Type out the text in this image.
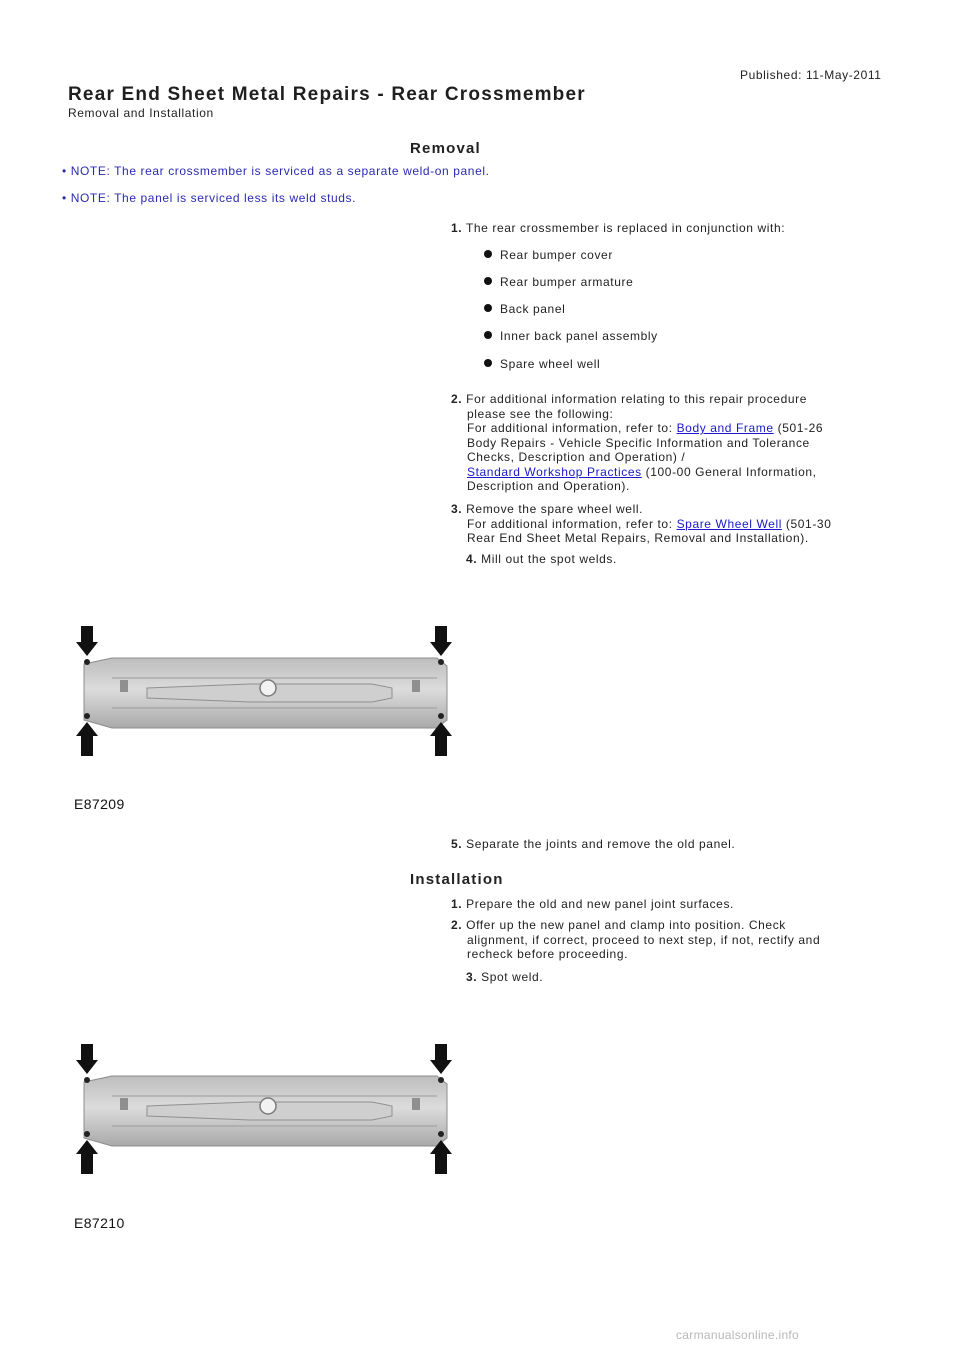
Published: 11-May-2011
Rear End Sheet Metal Repairs - Rear Crossmember
Removal and Installation
Removal
• NOTE: The rear crossmember is serviced as a separate weld-on panel.
• NOTE: The panel is serviced less its weld studs.
1. The rear crossmember is replaced in conjunction with:
Rear bumper cover
Rear bumper armature
Back panel
Inner back panel assembly
Spare wheel well
2. For additional information relating to this repair procedure
please see the following:
For additional information, refer to: Body and Frame (501-26
Body Repairs - Vehicle Specific Information and Tolerance
Checks, Description and Operation) /
Standard Workshop Practices (100-00 General Information,
Description and Operation).
3. Remove the spare wheel well.
For additional information, refer to: Spare Wheel Well (501-30
Rear End Sheet Metal Repairs, Removal and Installation).
4. Mill out the spot welds.
E87209
5. Separate the joints and remove the old panel.
Installation
1. Prepare the old and new panel joint surfaces.
2. Offer up the new panel and clamp into position. Check
alignment, if correct, proceed to next step, if not, rectify and
recheck before proceeding.
3. Spot weld.
E87210
carmanualsonline.info
